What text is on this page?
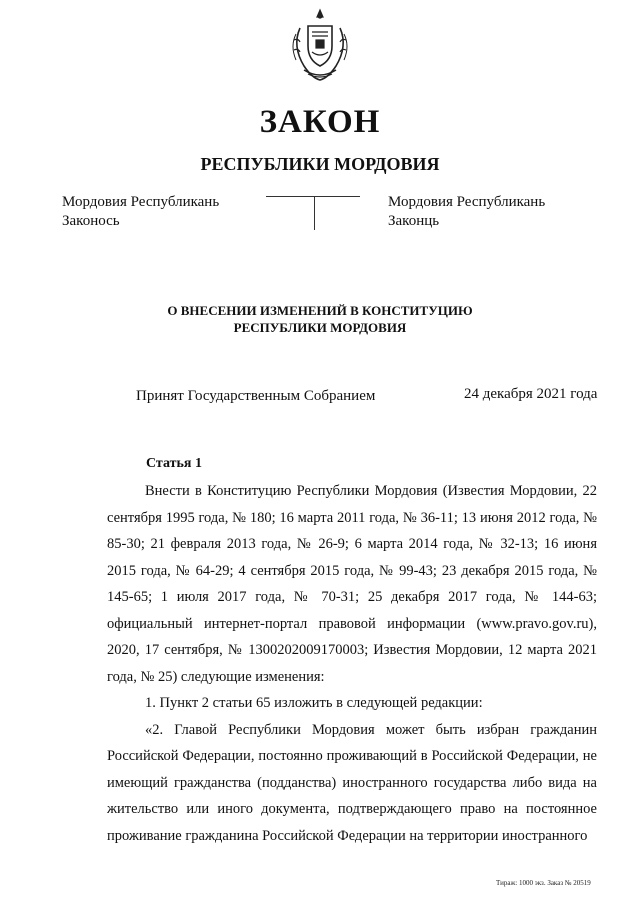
ЗАКОН
РЕСПУБЛИКИ МОРДОВИЯ
Мордовия Республикань
Законось
Мордовия Республикань
Законць
О ВНЕСЕНИИ ИЗМЕНЕНИЙ В КОНСТИТУЦИЮ
РЕСПУБЛИКИ МОРДОВИЯ
Принят Государственным Собранием	24 декабря 2021 года
Статья 1

Внести в Конституцию Республики Мордовия (Известия Мордовии, 22 сентября 1995 года, № 180; 16 марта 2011 года, № 36-11; 13 июня 2012 года, № 85-30; 21 февраля 2013 года, № 26-9; 6 марта 2014 года, № 32-13; 16 июня 2015 года, № 64-29; 4 сентября 2015 года, № 99-43; 23 декабря 2015 года, № 145-65; 1 июля 2017 года, № 70-31; 25 декабря 2017 года, № 144-63; официальный интернет-портал правовой информации (www.pravo.gov.ru), 2020, 17 сентября, № 1300202009170003; Известия Мордовии, 12 марта 2021 года, № 25) следующие изменения:

1. Пункт 2 статьи 65 изложить в следующей редакции:

«2. Главой Республики Мордовия может быть избран гражданин Российской Федерации, постоянно проживающий в Российской Федерации, не имеющий гражданства (подданства) иностранного государства либо вида на жительство или иного документа, подтверждающего право на постоянное проживание гражданина Российской Федерации на территории иностранного

Тираж: 1000 экз. Заказ № 20519
